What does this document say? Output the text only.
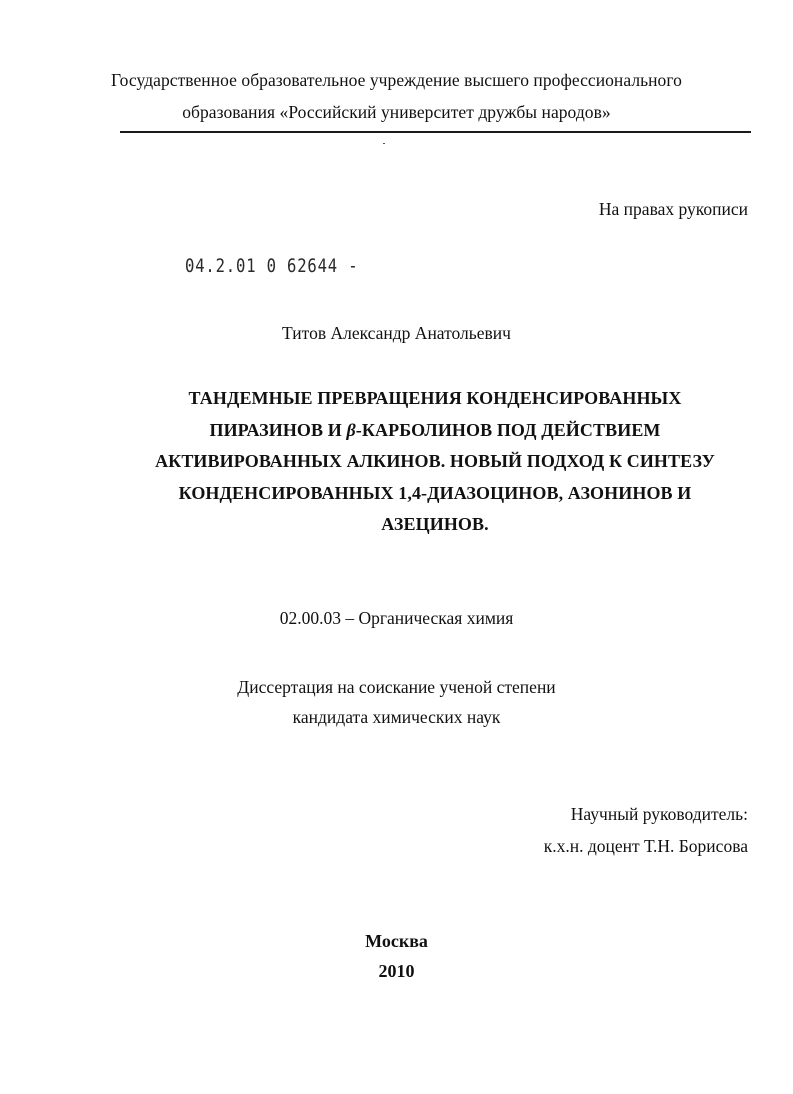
Государственное образовательное учреждение высшего профессионального
образования «Российский университет дружбы народов»
На правах рукописи
04.2.01 0 62644 -
Титов Александр Анатольевич
ТАНДЕМНЫЕ ПРЕВРАЩЕНИЯ КОНДЕНСИРОВАННЫХ
ПИРАЗИНОВ И β-КАРБОЛИНОВ ПОД ДЕЙСТВИЕМ
АКТИВИРОВАННЫХ АЛКИНОВ. НОВЫЙ ПОДХОД К СИНТЕЗУ
КОНДЕНСИРОВАННЫХ 1,4-ДИАЗОЦИНОВ, АЗОНИНОВ И
АЗЕЦИНОВ.
02.00.03 – Органическая химия
Диссертация на соискание ученой степени
кандидата химических наук
Научный руководитель:
к.х.н. доцент Т.Н. Борисова
Москва
2010
